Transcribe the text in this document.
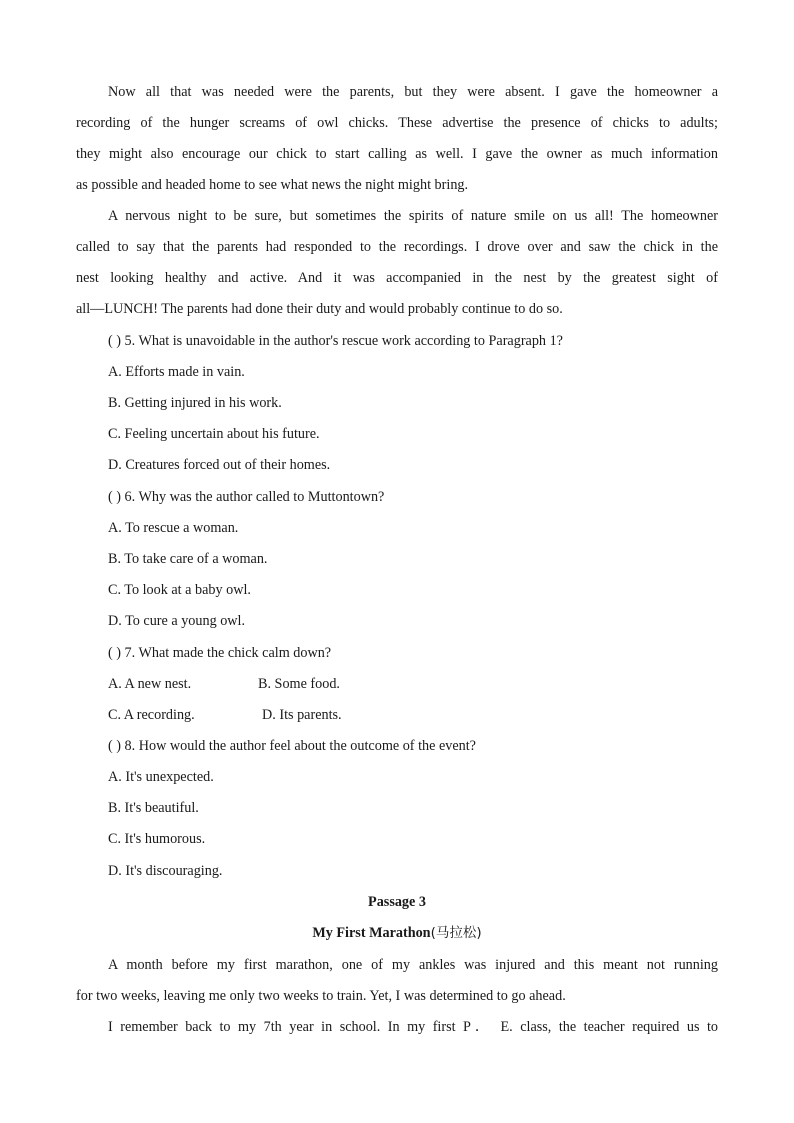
Now all that was needed were the parents, but they were absent. I gave the homeowner a
recording of the hunger screams of owl chicks. These advertise the presence of chicks to adults;
they might also encourage our chick to start calling as well. I gave the owner as much information
as possible and headed home to see what news the night might bring.
A nervous night to be sure, but sometimes the spirits of nature smile on us all! The homeowner
called to say that the parents had responded to the recordings. I drove over and saw the chick in the
nest looking healthy and active. And it was accompanied in the nest by the greatest sight of
all—LUNCH! The parents had done their duty and would probably continue to do so.
( ) 5. What is unavoidable in the author's rescue work according to Paragraph 1?
A. Efforts made in vain.
B. Getting injured in his work.
C. Feeling uncertain about his future.
D. Creatures forced out of their homes.
( ) 6. Why was the author called to Muttontown?
A. To rescue a woman.
B. To take care of a woman.
C. To look at a baby owl.
D. To cure a young owl.
( ) 7. What made the chick calm down?
A. A new nest.	B. Some food.
C. A recording.	D. Its parents.
( ) 8. How would the author feel about the outcome of the event?
A. It's unexpected.
B. It's beautiful.
C. It's humorous.
D. It's discouraging.
Passage 3
My First Marathon(马拉松)
A month before my first marathon, one of my ankles was injured and this meant not running
for two weeks, leaving me only two weeks to train. Yet, I was determined to go ahead.
I remember back to my 7th year in school. In my first P． E. class, the teacher required us to
